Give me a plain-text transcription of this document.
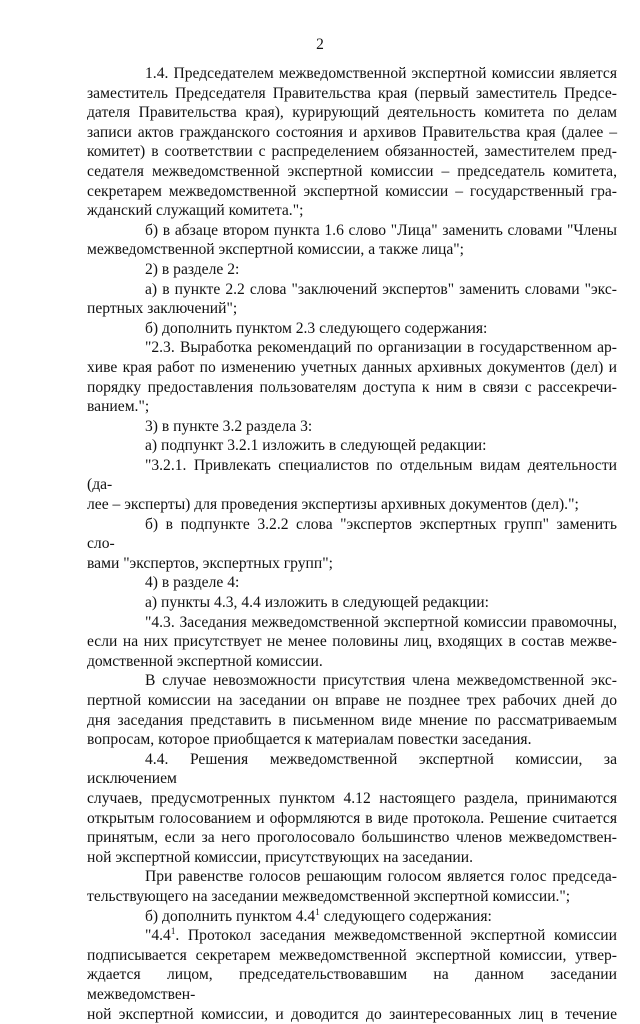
2

1.4. Председателем межведомственной экспертной комиссии является
заместитель Председателя Правительства края (первый заместитель Предсе-
дателя Правительства края), курирующий деятельность комитета по делам
записи актов гражданского состояния и архивов Правительства края (далее –
комитет) в соответствии с распределением обязанностей, заместителем пред-
седателя межведомственной экспертной комиссии – председатель комитета,
секретарем межведомственной экспертной комиссии – государственный гра-
жданский служащий комитета.";

б) в абзаце втором пункта 1.6 слово "Лица" заменить словами "Члены
межведомственной экспертной комиссии, а также лица";

2) в разделе 2:

а) в пункте 2.2 слова "заключений экспертов" заменить словами "экс-
пертных заключений";

б) дополнить пунктом 2.3 следующего содержания:

"2.3. Выработка рекомендаций по организации в государственном ар-
хиве края работ по изменению учетных данных архивных документов (дел) и
порядку предоставления пользователям доступа к ним в связи с рассекречи-
ванием.";

3) в пункте 3.2 раздела 3:

а) подпункт 3.2.1 изложить в следующей редакции:

"3.2.1. Привлекать специалистов по отдельным видам деятельности (да-
лее – эксперты) для проведения экспертизы архивных документов (дел).";

б) в подпункте 3.2.2 слова "экспертов экспертных групп" заменить сло-
вами "экспертов, экспертных групп";

4) в разделе 4:

а) пункты 4.3, 4.4 изложить в следующей редакции:

"4.3. Заседания межведомственной экспертной комиссии правомочны,
если на них присутствует не менее половины лиц, входящих в состав межве-
домственной экспертной комиссии.

В случае невозможности присутствия члена межведомственной экс-
пертной комиссии на заседании он вправе не позднее трех рабочих дней до
дня заседания представить в письменном виде мнение по рассматриваемым
вопросам, которое приобщается к материалам повестки заседания.

4.4. Решения межведомственной экспертной комиссии, за исключением
случаев, предусмотренных пунктом 4.12 настоящего раздела, принимаются
открытым голосованием и оформляются в виде протокола. Решение считается
принятым, если за него проголосовало большинство членов межведомствен-
ной экспертной комиссии, присутствующих на заседании.

При равенстве голосов решающим голосом является голос председа-
тельствующего на заседании межведомственной экспертной комиссии.";

б) дополнить пунктом $4.4^1$ следующего содержания:

"$4.4^1$. Протокол заседания межведомственной экспертной комиссии
подписывается секретарем межведомственной экспертной комиссии, утвер-
ждается лицом, председательствовавшим на данном заседании межведомствен-
ной экспертной комиссии, и доводится до заинтересованных лиц в течение
